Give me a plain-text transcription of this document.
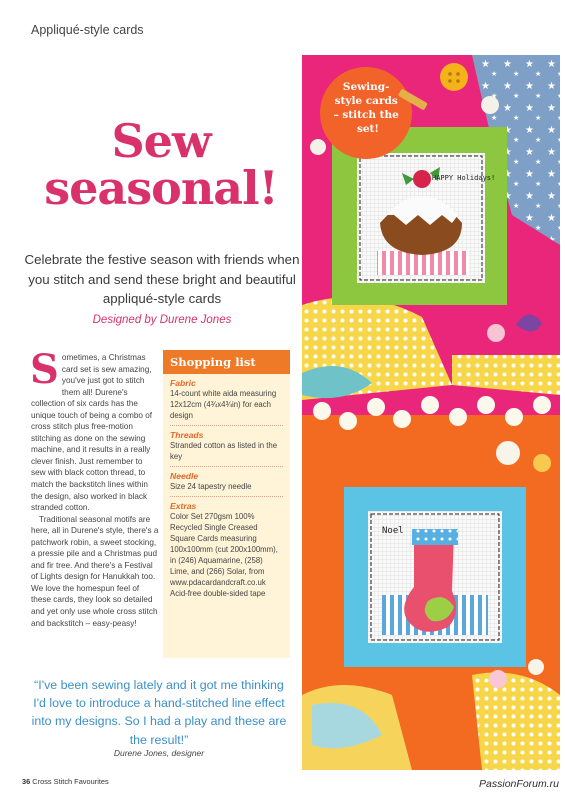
Appliqué-style cards
Sew
seasonal!
Celebrate the festive season with friends when you stitch and send these bright and beautiful appliqué-style cards
Designed by Durene Jones

Sometimes, a Christmas card set is sew amazing, you've just got to stitch them all! Durene's collection of six cards has the unique touch of being a combo of cross stitch plus free-motion stitching as done on the sewing machine, and it results in a really clever finish. Just remember to sew with black cotton thread, to match the backstitch lines within the design, also worked in black stranded cotton.

Traditional seasonal motifs are here, all in Durene's style, there's a patchwork robin, a sweet stocking, a pressie pile and a Christmas pud and fir tree. And there's a Festival of Lights design for Hanukkah too. We love the homespun feel of these cards, they look so detailed and yet only use whole cross stitch and backstitch – easy-peasy!

Shopping list
Fabric
14-count white aida measuring 12x12cm (4¾x4¾in) for each design
Threads
Stranded cotton as listed in the key
Needle
Size 24 tapestry needle
Extras
Color Set 270gsm 100% Recycled Single Creased Square Cards measuring 100x100mm (cut 200x100mm), in (246) Aquamarine, (258) Lime, and (266) Solar, from www.pdacardandcraft.co.uk Acid-free double-sided tape
“I've been sewing lately and it got me thinking I'd love to introduce a hand-stitched line effect into my designs. So I had a play and these are the result!”
Durene Jones, designer
36 Cross Stitch Favourites	PassionForum.ru
HAPPY Holidays!
Sewing- style cards – stitch the set!
Noel
